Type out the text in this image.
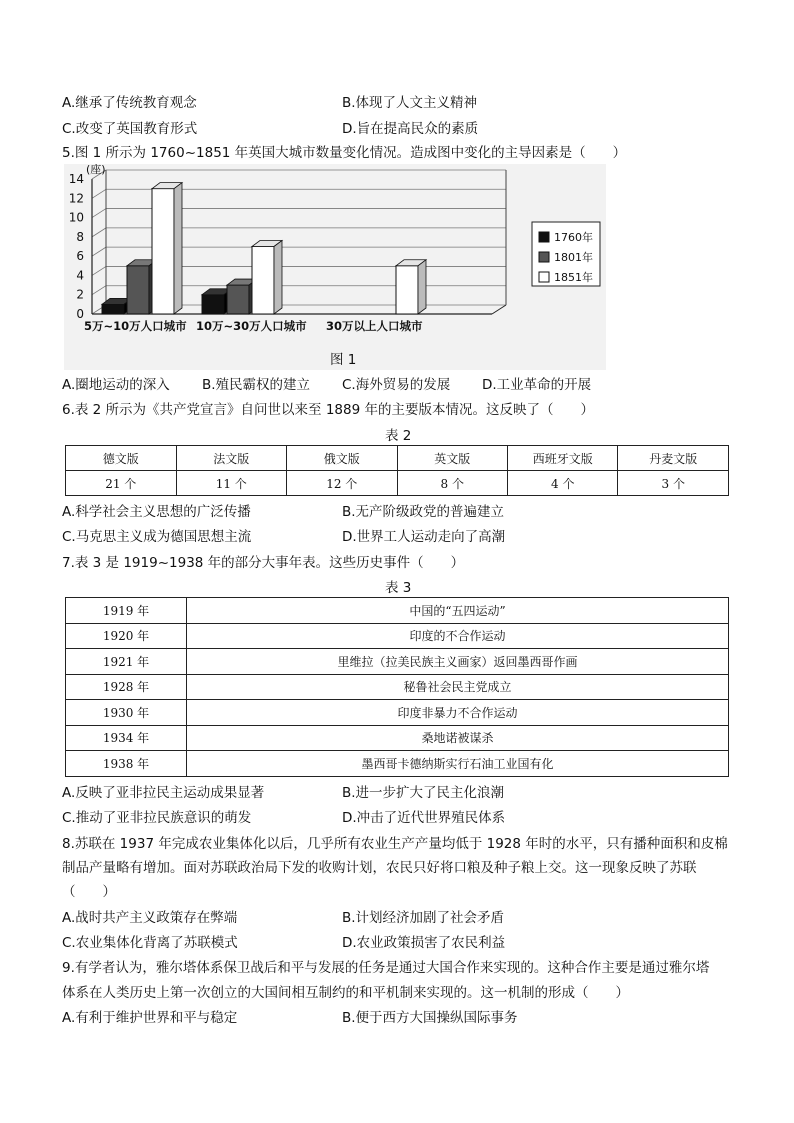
A.继承了传统教育观念	B.体现了人文主义精神
C.改变了英国教育形式	D.旨在提高民众的素质
5.图 1 所示为 1760~1851 年英国大城市数量变化情况。造成图中变化的主导因素是（　　）
0
2
4
6
8
10
12
14
(座)
5万~10万人口城市 10万~30万人口城市 30万以上人口城市
1760年
1801年
1851年
图 1
A.圈地运动的深入 B.殖民霸权的建立 C.海外贸易的发展 D.工业革命的开展
6.表 2 所示为《共产党宣言》自问世以来至 1889 年的主要版本情况。这反映了（　　）
表 2
德文版	法文版	俄文版	英文版	西班牙文版	丹麦文版
21 个	11 个	12 个	8 个	4 个	3 个
A.科学社会主义思想的广泛传播	B.无产阶级政党的普遍建立
C.马克思主义成为德国思想主流	D.世界工人运动走向了高潮
7.表 3 是 1919~1938 年的部分大事年表。这些历史事件（　　）
表 3
1919 年	中国的“五四运动”
1920 年	印度的不合作运动
1921 年	里维拉（拉美民族主义画家）返回墨西哥作画
1928 年	秘鲁社会民主党成立
1930 年	印度非暴力不合作运动
1934 年	桑地诺被谋杀
1938 年	墨西哥卡德纳斯实行石油工业国有化
A.反映了亚非拉民主运动成果显著	B.进一步扩大了民主化浪潮
C.推动了亚非拉民族意识的萌发	D.冲击了近代世界殖民体系
8.苏联在 1937 年完成农业集体化以后，几乎所有农业生产产量均低于 1928 年时的水平，只有播种面积和皮棉
制品产量略有增加。面对苏联政治局下发的收购计划，农民只好将口粮及种子粮上交。这一现象反映了苏联
（　　）
A.战时共产主义政策存在弊端	B.计划经济加剧了社会矛盾
C.农业集体化背离了苏联模式	D.农业政策损害了农民利益
9.有学者认为，雅尔塔体系保卫战后和平与发展的任务是通过大国合作来实现的。这种合作主要是通过雅尔塔
体系在人类历史上第一次创立的大国间相互制约的和平机制来实现的。这一机制的形成（　　）
A.有利于维护世界和平与稳定	B.便于西方大国操纵国际事务
